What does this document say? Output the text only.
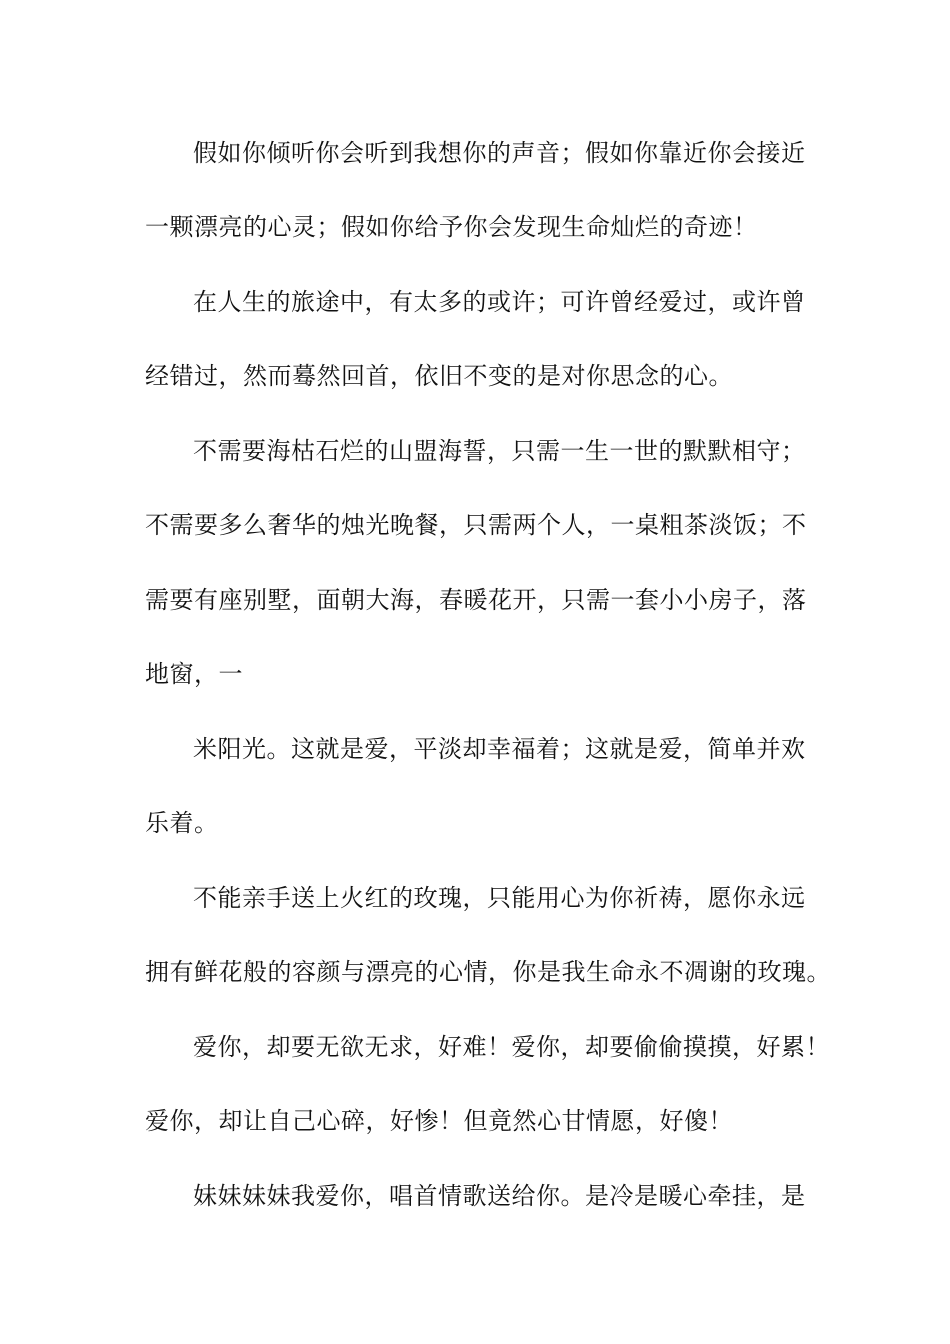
假如你倾听你会听到我想你的声音；假如你靠近你会接近
一颗漂亮的心灵；假如你给予你会发现生命灿烂的奇迹！
在人生的旅途中，有太多的或许；可许曾经爱过，或许曾
经错过，然而蓦然回首，依旧不变的是对你思念的心。
不需要海枯石烂的山盟海誓，只需一生一世的默默相守；
不需要多么奢华的烛光晚餐，只需两个人，一桌粗茶淡饭；不
需要有座别墅，面朝大海，春暖花开，只需一套小小房子，落
地窗，一
米阳光。这就是爱，平淡却幸福着；这就是爱，简单并欢
乐着。
不能亲手送上火红的玫瑰，只能用心为你祈祷，愿你永远
拥有鲜花般的容颜与漂亮的心情，你是我生命永不凋谢的玫瑰。
爱你，却要无欲无求，好难！爱你，却要偷偷摸摸，好累！
爱你，却让自己心碎，好惨！但竟然心甘情愿，好傻！
妹妹妹妹我爱你，唱首情歌送给你。是冷是暖心牵挂，是
